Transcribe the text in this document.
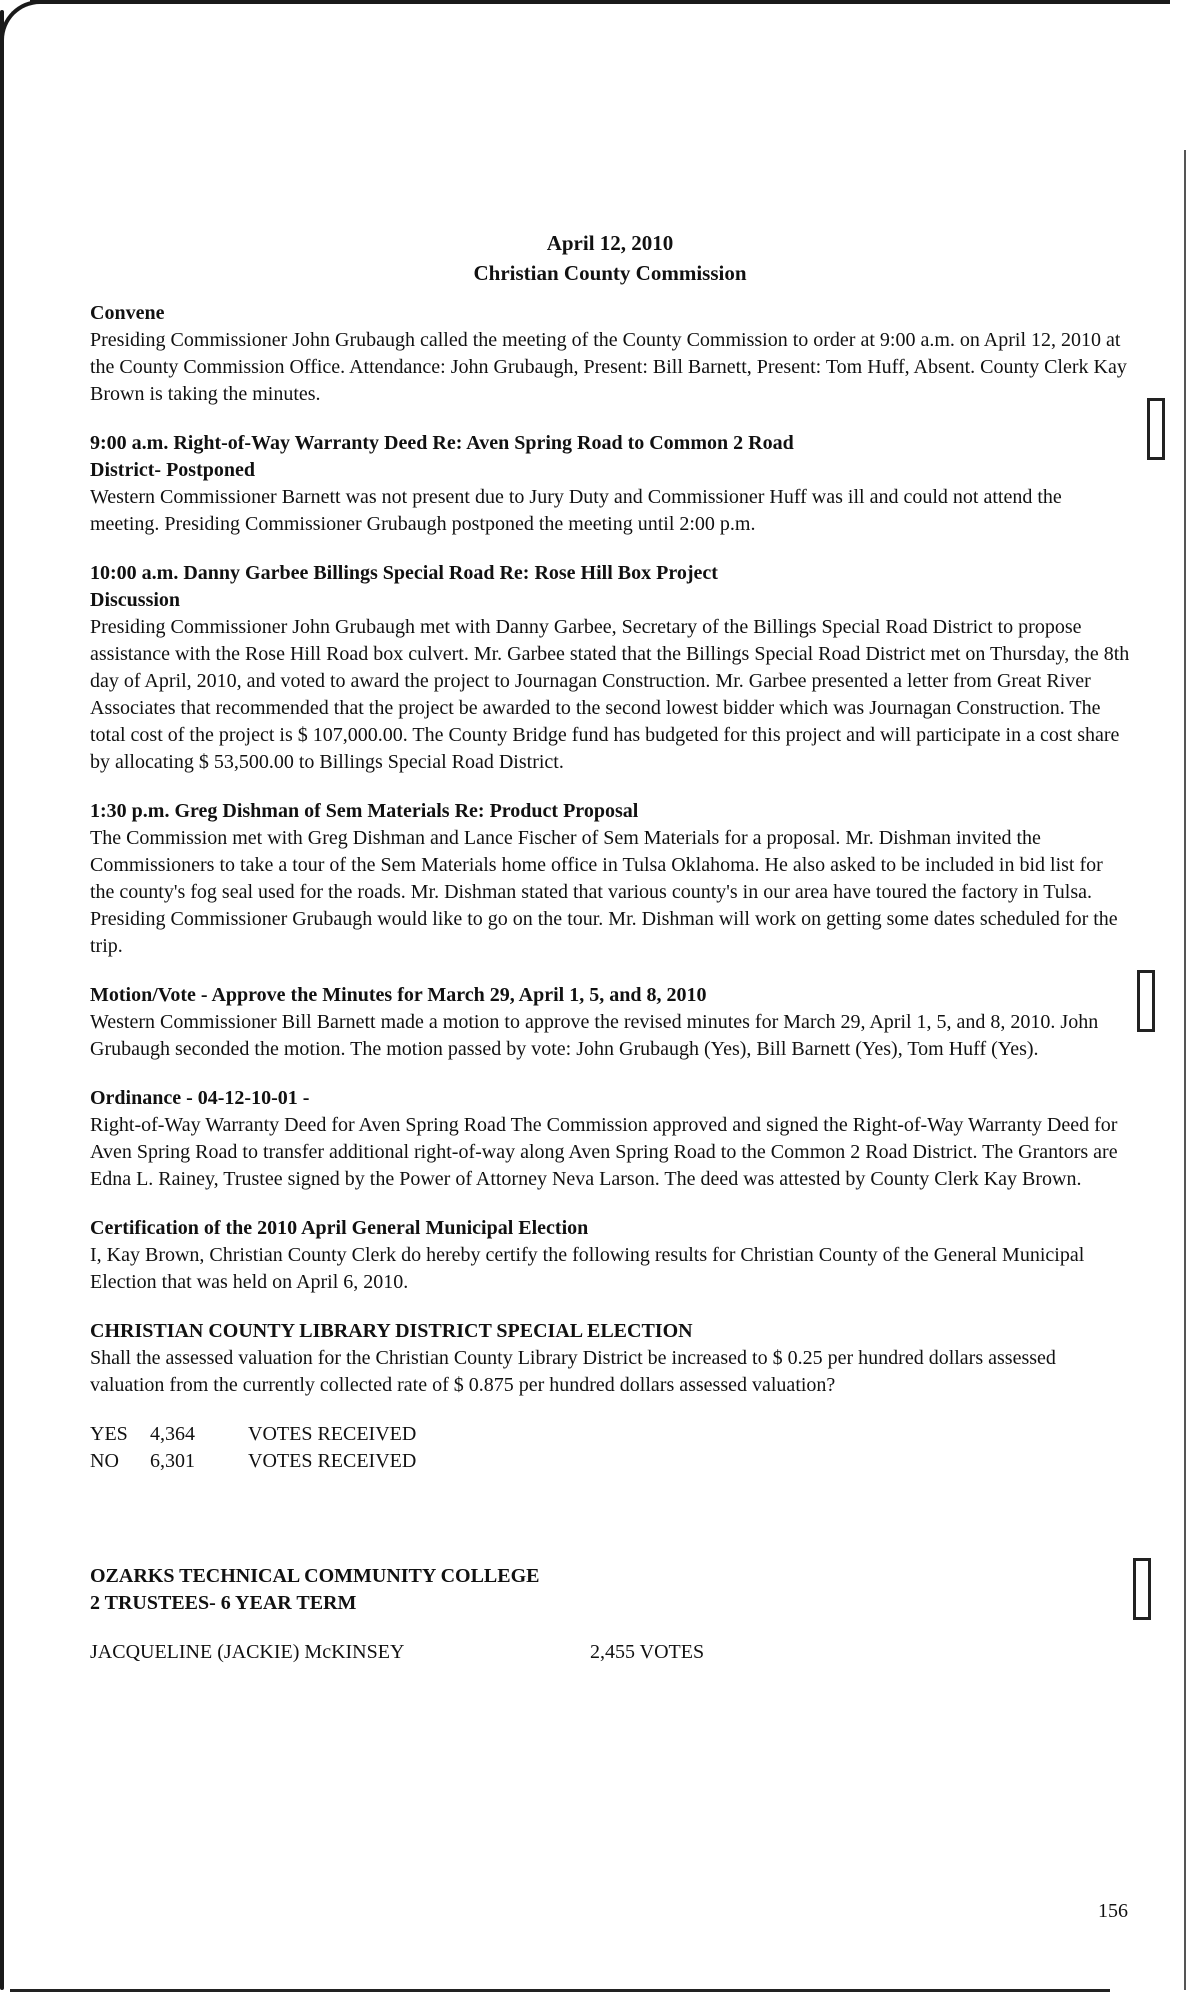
April 12, 2010
Christian County Commission
Convene
Presiding Commissioner John Grubaugh called the meeting of the County Commission to order at 9:00 a.m. on April 12, 2010 at the County Commission Office. Attendance: John Grubaugh, Present: Bill Barnett, Present: Tom Huff, Absent. County Clerk Kay Brown is taking the minutes.
9:00 a.m. Right-of-Way Warranty Deed Re: Aven Spring Road to Common 2 Road
District- Postponed
Western Commissioner Barnett was not present due to Jury Duty and Commissioner Huff was ill and could not attend the meeting. Presiding Commissioner Grubaugh postponed the meeting until 2:00 p.m.
10:00 a.m. Danny Garbee Billings Special Road Re: Rose Hill Box Project
Discussion
Presiding Commissioner John Grubaugh met with Danny Garbee, Secretary of the Billings Special Road District to propose assistance with the Rose Hill Road box culvert. Mr. Garbee stated that the Billings Special Road District met on Thursday, the 8th day of April, 2010, and voted to award the project to Journagan Construction. Mr. Garbee presented a letter from Great River Associates that recommended that the project be awarded to the second lowest bidder which was Journagan Construction. The total cost of the project is $ 107,000.00. The County Bridge fund has budgeted for this project and will participate in a cost share by allocating $ 53,500.00 to Billings Special Road District.
1:30 p.m. Greg Dishman of Sem Materials Re: Product Proposal
The Commission met with Greg Dishman and Lance Fischer of Sem Materials for a proposal. Mr. Dishman invited the Commissioners to take a tour of the Sem Materials home office in Tulsa Oklahoma. He also asked to be included in bid list for the county's fog seal used for the roads. Mr. Dishman stated that various county's in our area have toured the factory in Tulsa. Presiding Commissioner Grubaugh would like to go on the tour. Mr. Dishman will work on getting some dates scheduled for the trip.
Motion/Vote - Approve the Minutes for March 29, April 1, 5, and 8, 2010
Western Commissioner Bill Barnett made a motion to approve the revised minutes for March 29, April 1, 5, and 8, 2010. John Grubaugh seconded the motion. The motion passed by vote: John Grubaugh (Yes), Bill Barnett (Yes), Tom Huff (Yes).
Ordinance - 04-12-10-01 -
Right-of-Way Warranty Deed for Aven Spring Road The Commission approved and signed the Right-of-Way Warranty Deed for Aven Spring Road to transfer additional right-of-way along Aven Spring Road to the Common 2 Road District. The Grantors are Edna L. Rainey, Trustee signed by the Power of Attorney Neva Larson. The deed was attested by County Clerk Kay Brown.
Certification of the 2010 April General Municipal Election
I, Kay Brown, Christian County Clerk do hereby certify the following results for Christian County of the General Municipal Election that was held on April 6, 2010.
CHRISTIAN COUNTY LIBRARY DISTRICT SPECIAL ELECTION
Shall the assessed valuation for the Christian County Library District be increased to $ 0.25 per hundred dollars assessed valuation from the currently collected rate of $ 0.875 per hundred dollars assessed valuation?
YES	4,364	VOTES RECEIVED
NO	6,301	VOTES RECEIVED
OZARKS TECHNICAL COMMUNITY COLLEGE
2 TRUSTEES- 6 YEAR TERM
JACQUELINE (JACKIE) McKINSEY	2,455 VOTES
156
